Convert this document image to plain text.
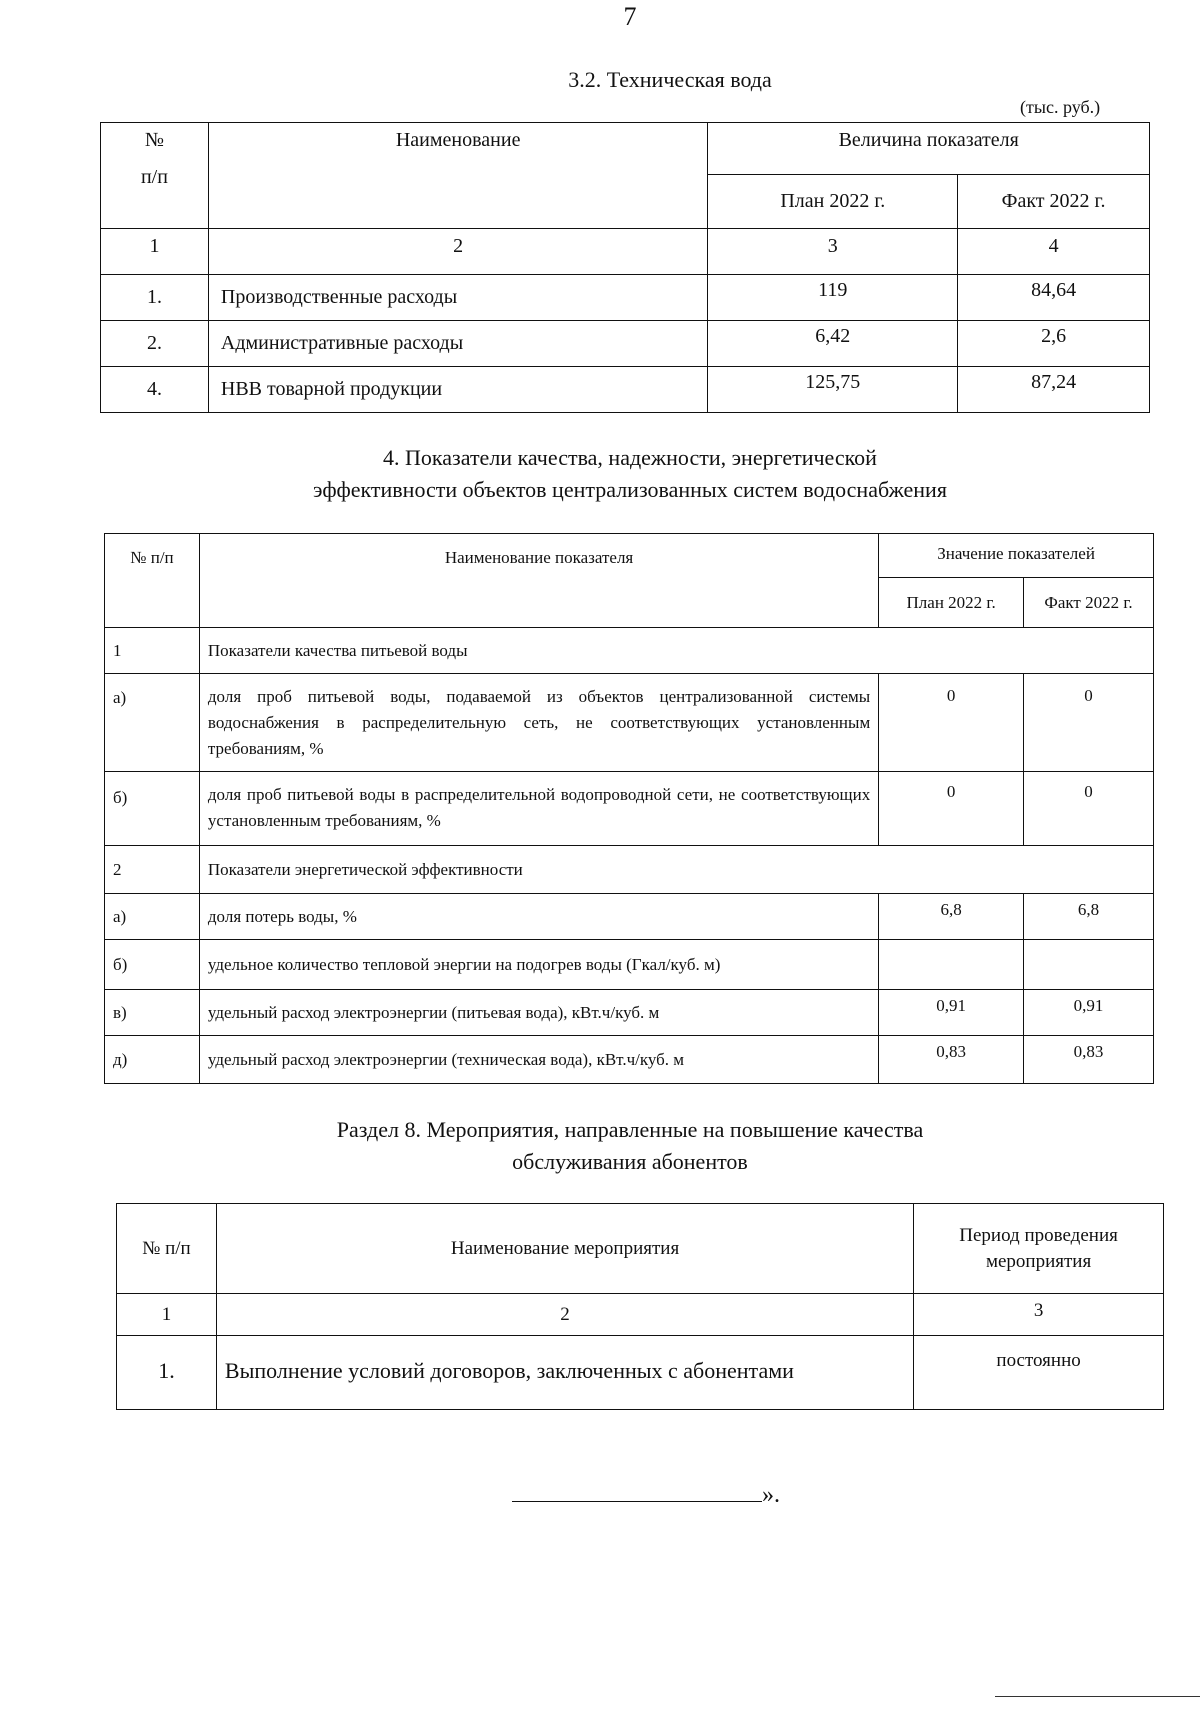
7
3.2. Техническая вода
(тыс. руб.)
№
п/п	Наименование	Величина показателя	
		План 2022 г.	Факт 2022 г.
1	2	3	4
1.	Производственные расходы	119	84,64
2.	Административные расходы	6,42	2,6
4.	НВВ товарной продукции	125,75	87,24
4. Показатели качества, надежности, энергетической
эффективности объектов централизованных систем водоснабжения
№ п/п	Наименование показателя	Значение показателей	
		План 2022 г.	Факт 2022 г.
1	Показатели качества питьевой воды		
а)	доля проб питьевой воды, подаваемой из объектов централизованной системы водоснабжения в распределительную сеть, не соответствующих установленным требованиям, %	0	0
б)	доля проб питьевой воды в распределительной водопроводной сети, не соответствующих установленным требованиям, %	0	0
2	Показатели энергетической эффективности		
а)	доля потерь воды, %	6,8	6,8
б)	удельное количество тепловой энергии на подогрев воды (Гкал/куб. м)		
в)	удельный расход электроэнергии (питьевая вода), кВт.ч/куб. м	0,91	0,91
д)	удельный расход электроэнергии (техническая вода), кВт.ч/куб. м	0,83	0,83
Раздел 8. Мероприятия, направленные на повышение качества
обслуживания абонентов
№ п/п	Наименование мероприятия	Период проведения
мероприятия

1	2	3
1.	Выполнение условий договоров, заключенных с абонентами	постоянно
».
